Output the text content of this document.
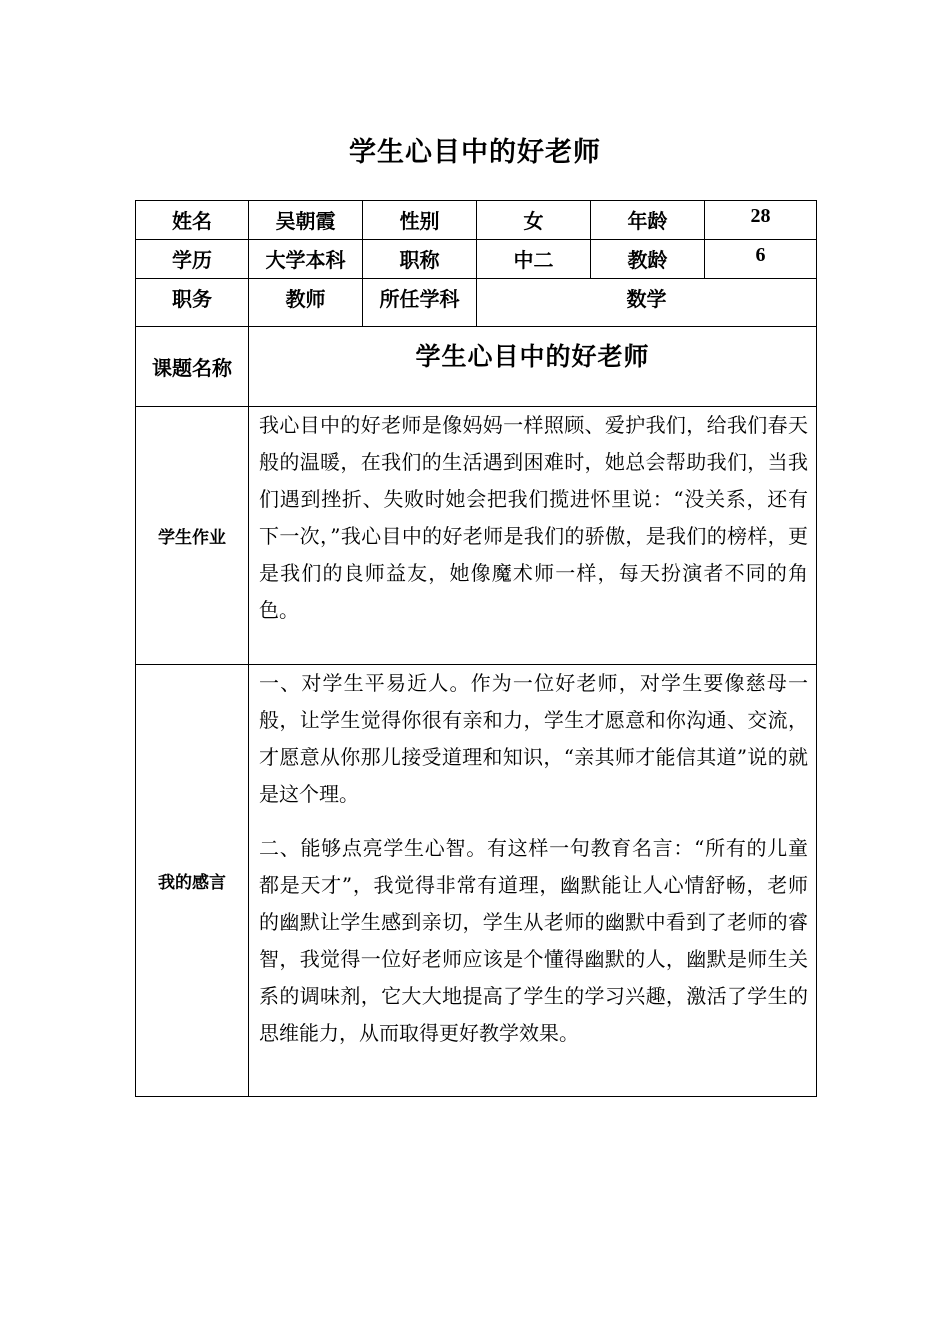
学生心目中的好老师
姓名	吴朝霞	性别	女	年龄	28
学历	大学本科	职称	中二	教龄	6
职务	教师	所任学科	数学		
课题名称	学生心目中的好老师				
学生作业	我心目中的好老师是像妈妈一样照顾、爱护我们，给我们春天般的温暖，在我们的生活遇到困难时，她总会帮助我们，当我们遇到挫折、失败时她会把我们揽进怀里说：“没关系，还有下一次，”我心目中的好老师是我们的骄傲，是我们的榜样，更是我们的良师益友，她像魔术师一样，每天扮演者不同的角色。				

我的感言	一、对学生平易近人。作为一位好老师，对学生要像慈母一般，让学生觉得你很有亲和力，学生才愿意和你沟通、交流，才愿意从你那儿接受道理和知识，“亲其师才能信其道”说的就是这个理。

二、能够点亮学生心智。有这样一句教育名言：“所有的儿童都是天才”，我觉得非常有道理，幽默能让人心情舒畅，老师的幽默让学生感到亲切，学生从老师的幽默中看到了老师的睿智，我觉得一位好老师应该是个懂得幽默的人，幽默是师生关系的调味剂，它大大地提高了学生的学习兴趣，激活了学生的思维能力，从而取得更好教学效果。				
